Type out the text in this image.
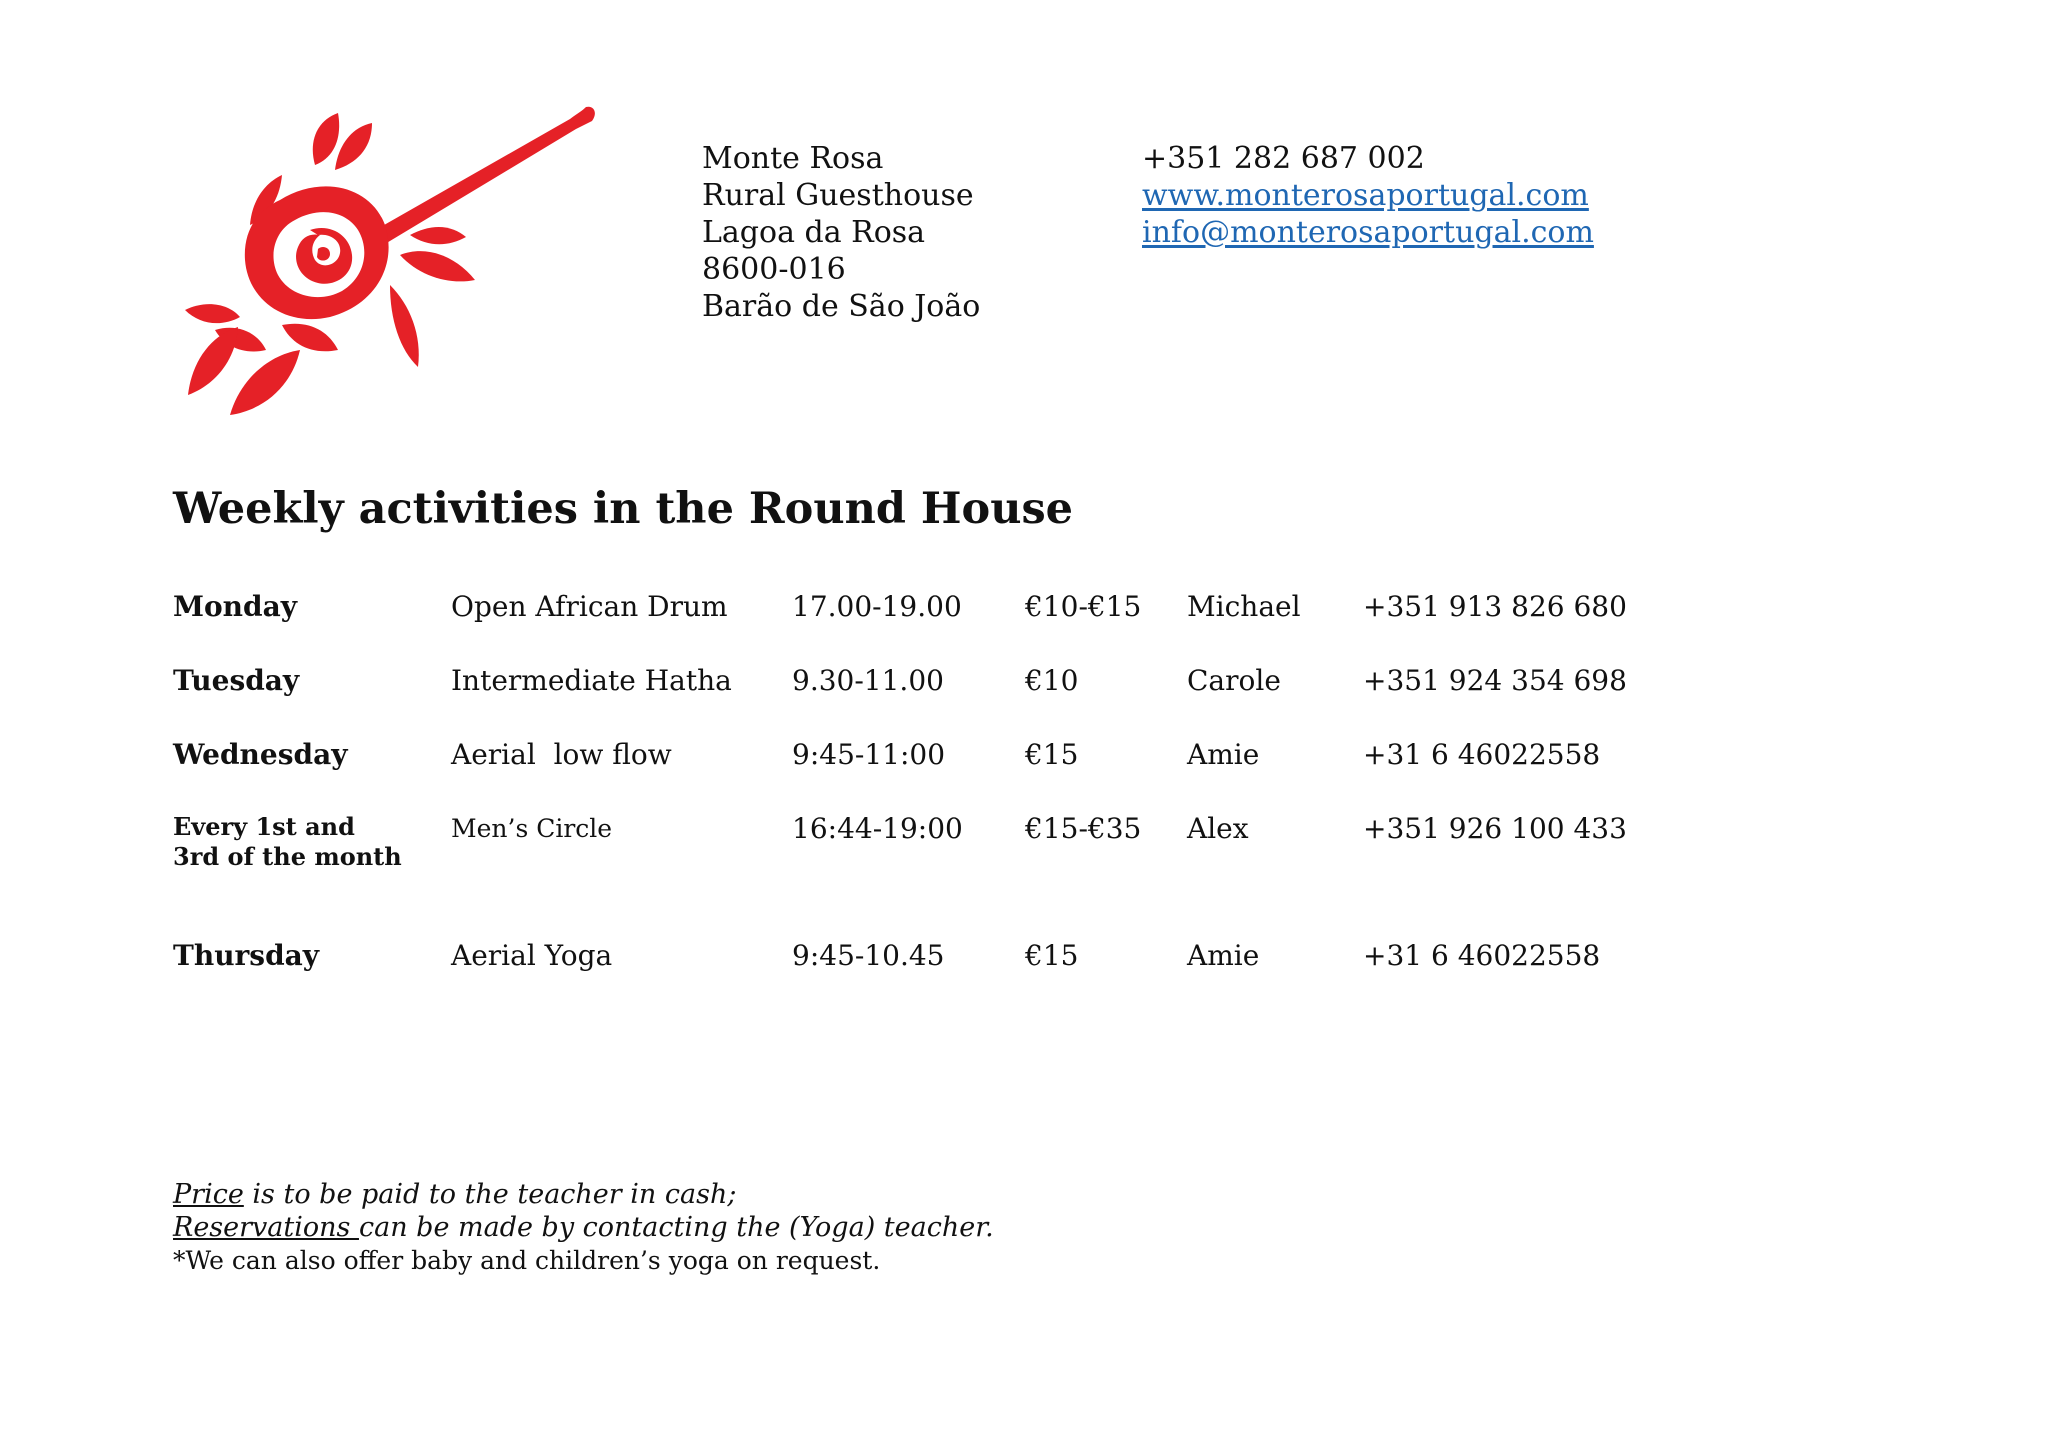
Monte Rosa
Rural Guesthouse
Lagoa da Rosa
8600-016
Barão de São João
+351 282 687 002
www.monterosaportugal.com
info@monterosaportugal.com
Weekly activities in the Round House
Monday	Open African Drum 17.00-19.00 €10-€15 Michael +351 913 826 680
Tuesday	Intermediate Hatha 9.30-11.00	€10	Carole	+351 924 354 698
Wednesday	Aerial  low flow	9:45-11:00	€15	Amie	+31 6 46022558
Every 1st and
3rd of the month
Men’s Circle	16:44-19:00 €15-€35 Alex	+351 926 100 433
Thursday	Aerial Yoga	9:45-10.45	€15	Amie	+31 6 46022558
Price is to be paid to the teacher in cash;
Reservations can be made by contacting the (Yoga) teacher.
*We can also offer baby and children’s yoga on request.
